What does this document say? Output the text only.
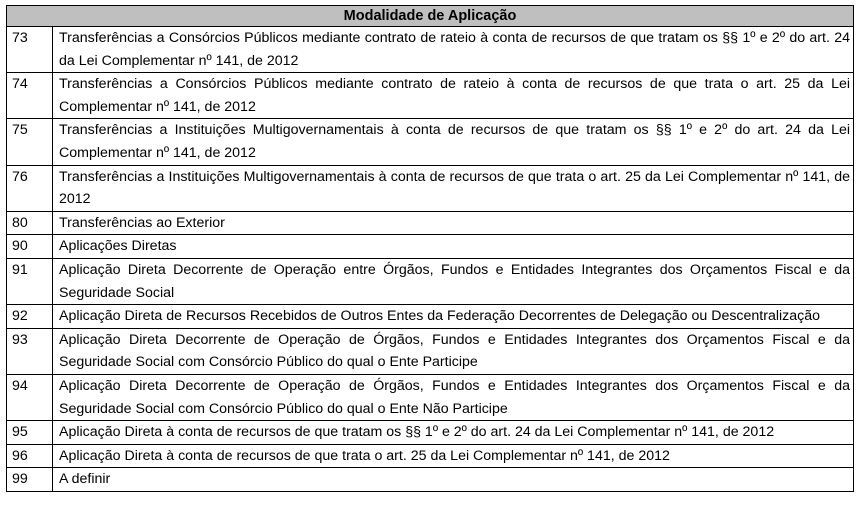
Modalidade de Aplicação	
73	Transferências a Consórcios Públicos mediante contrato de rateio à conta de recursos de que tratam os §§ 1º e 2º do art. 24 da Lei Complementar nº 141, de 2012
74	Transferências a Consórcios Públicos mediante contrato de rateio à conta de recursos de que trata o art. 25 da Lei Complementar nº 141, de 2012
75	Transferências a Instituições Multigovernamentais à conta de recursos de que tratam os §§ 1º e 2º do art. 24 da Lei Complementar nº 141, de 2012
76	Transferências a Instituições Multigovernamentais à conta de recursos de que trata o art. 25 da Lei Complementar nº 141, de 2012
80	Transferências ao Exterior
90	Aplicações Diretas
91	Aplicação Direta Decorrente de Operação entre Órgãos, Fundos e Entidades Integrantes dos Orçamentos Fiscal e da Seguridade Social
92	Aplicação Direta de Recursos Recebidos de Outros Entes da Federação Decorrentes de Delegação ou Descentralização
93	Aplicação Direta Decorrente de Operação de Órgãos, Fundos e Entidades Integrantes dos Orçamentos Fiscal e da Seguridade Social com Consórcio Público do qual o Ente Participe
94	Aplicação Direta Decorrente de Operação de Órgãos, Fundos e Entidades Integrantes dos Orçamentos Fiscal e da Seguridade Social com Consórcio Público do qual o Ente Não Participe
95	Aplicação Direta à conta de recursos de que tratam os §§ 1º e 2º do art. 24 da Lei Complementar nº 141, de 2012
96	Aplicação Direta à conta de recursos de que trata o art. 25 da Lei Complementar nº 141, de 2012
99	A definir
